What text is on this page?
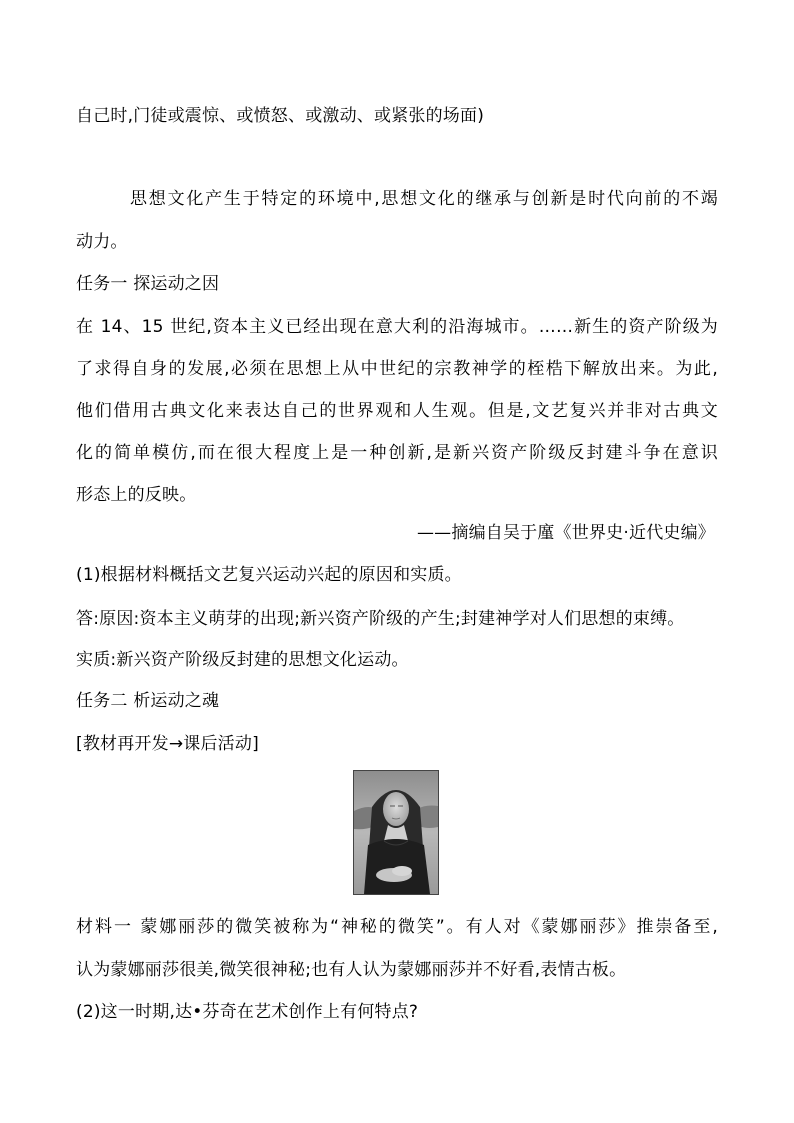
自己时,门徒或震惊、或愤怒、或激动、或紧张的场面)

思想文化产生于特定的环境中,思想文化的继承与创新是时代向前的不竭

动力。

任务一 探运动之因

在 14、15 世纪,资本主义已经出现在意大利的沿海城市。……新生的资产阶级为

了求得自身的发展,必须在思想上从中世纪的宗教神学的桎梏下解放出来。为此,

他们借用古典文化来表达自己的世界观和人生观。但是,文艺复兴并非对古典文

化的简单模仿,而在很大程度上是一种创新,是新兴资产阶级反封建斗争在意识

形态上的反映。

——摘编自吴于廑《世界史·近代史编》

(1)根据材料概括文艺复兴运动兴起的原因和实质。

答:原因:资本主义萌芽的出现;新兴资产阶级的产生;封建神学对人们思想的束缚。

实质:新兴资产阶级反封建的思想文化运动。

任务二 析运动之魂

[教材再开发→课后活动]

材料一 蒙娜丽莎的微笑被称为“神秘的微笑”。有人对《蒙娜丽莎》推崇备至,

认为蒙娜丽莎很美,微笑很神秘;也有人认为蒙娜丽莎并不好看,表情古板。

(2)这一时期,达•芬奇在艺术创作上有何特点?
